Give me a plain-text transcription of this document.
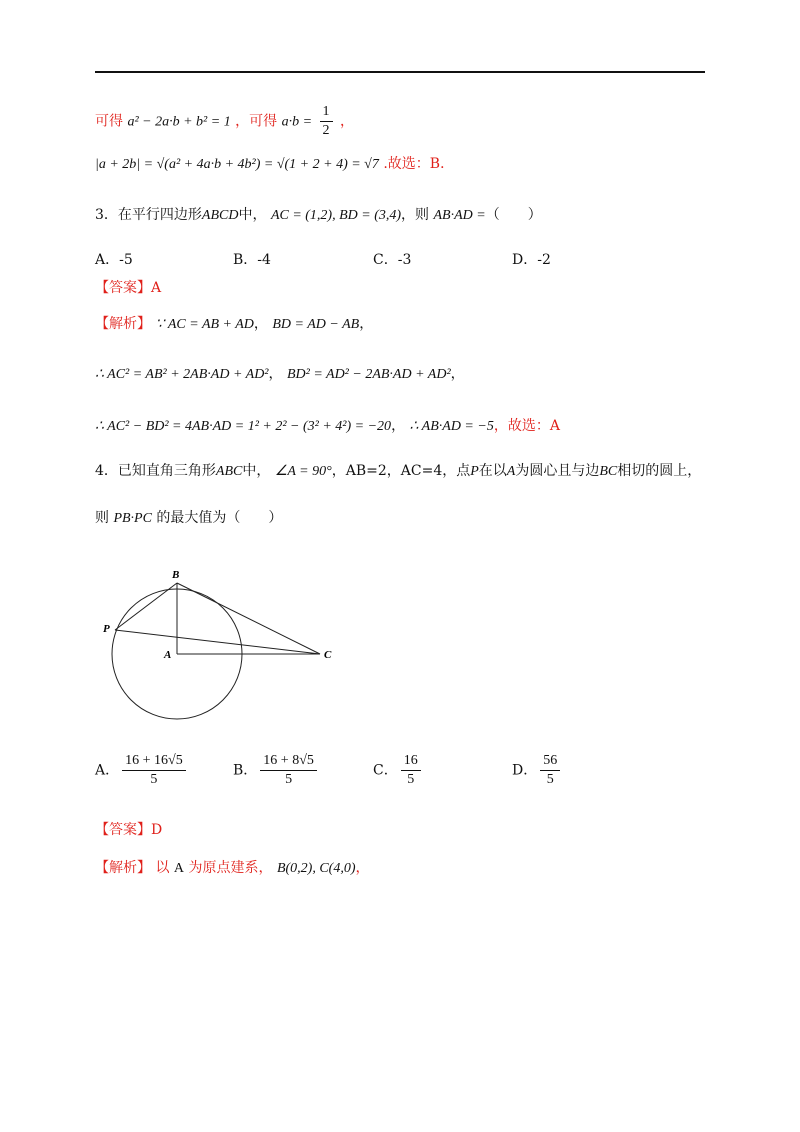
可得 a² − 2a·b + b² = 1 ，可得 $a\cdot b = \frac{1}{2}$ ，
|a + 2b| = √(a² + 4a·b + 4b²) = √(1 + 2 + 4) = √7 .故选：B．
3．在平行四边形ABCD中， AC = (1,2), BD = (3,4)，则 AB·AD =（　　）
A．-5	B．-4	C．-3	D．-2
【答案】A
【解析】 ∵ AC = AB + AD， BD = AD − AB，
∴ AC² = AB² + 2AB·AD + AD²， BD² = AD² − 2AB·AD + AD²，
∴ AC² − BD² = 4AB·AD = 1² + 2² − (3² + 4²) = −20， ∴ AB·AD = −5，故选：A
4．已知直角三角形ABC中， ∠A = 90°，AB=2，AC=4，点P在以A为圆心且与边BC相切的圆上，
则 PB·PC 的最大值为（　　）
B
P
A	C
A． $\frac{16 + 16√5}{5}$	B． $\frac{16 + 8√5}{5}$	C． $\frac{16}{5}$	D． $\frac{56}{5}$
【答案】D
【解析】 以 A 为原点建系， B(0,2), C(4,0)，
